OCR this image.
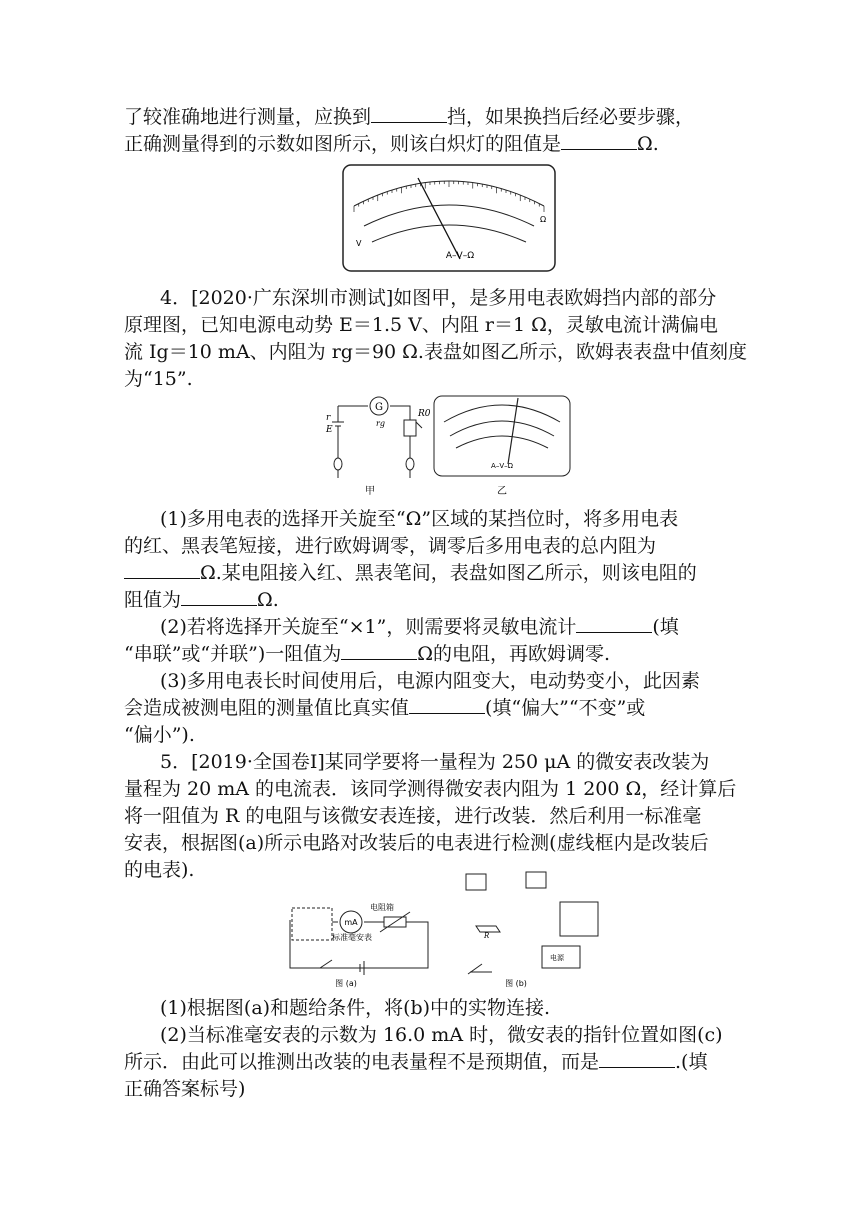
了较准确地进行测量，应换到	挡，如果换挡后经必要步骤，
正确测量得到的示数如图所示，则该白炽灯的阻值是	Ω.
A–V–Ω
Ω
V
4．[2020·广东深圳市测试]如图甲，是多用电表欧姆挡内部的部分
原理图，已知电源电动势 E＝1.5 V、内阻 r＝1 Ω，灵敏电流计满偏电
流 Ig＝10 mA、内阻为 rg＝90 Ω.表盘如图乙所示，欧姆表表盘中值刻度
为“15”.
G
rg
r
E
R0
A–V–Ω
甲	乙
(1)多用电表的选择开关旋至“Ω”区域的某挡位时，将多用电表
的红、黑表笔短接，进行欧姆调零，调零后多用电表的总内阻为
Ω.某电阻接入红、黑表笔间，表盘如图乙所示，则该电阻的
阻值为	Ω.
(2)若将选择开关旋至“×1”，则需要将灵敏电流计	(填
“串联”或“并联”)一阻值为	Ω的电阻，再欧姆调零.
(3)多用电表长时间使用后，电源内阻变大，电动势变小，此因素
会造成被测电阻的测量值比真实值	(填“偏大”“不变”或
“偏小”).
5．[2019·全国卷Ⅰ]某同学要将一量程为 250 μA 的微安表改装为
量程为 20 mA 的电流表．该同学测得微安表内阻为 1 200 Ω，经计算后
将一阻值为 R 的电阻与该微安表连接，进行改装．然后利用一标准毫
安表，根据图(a)所示电路对改装后的电表进行检测(虚线框内是改装后
的电表).
mA
电阻箱
标准毫安表	R
电源
图 (a)	图 (b)
(1)根据图(a)和题给条件，将(b)中的实物连接.
(2)当标准毫安表的示数为 16.0 mA 时，微安表的指针位置如图(c)
所示．由此可以推测出改装的电表量程不是预期值，而是	.(填
正确答案标号)
